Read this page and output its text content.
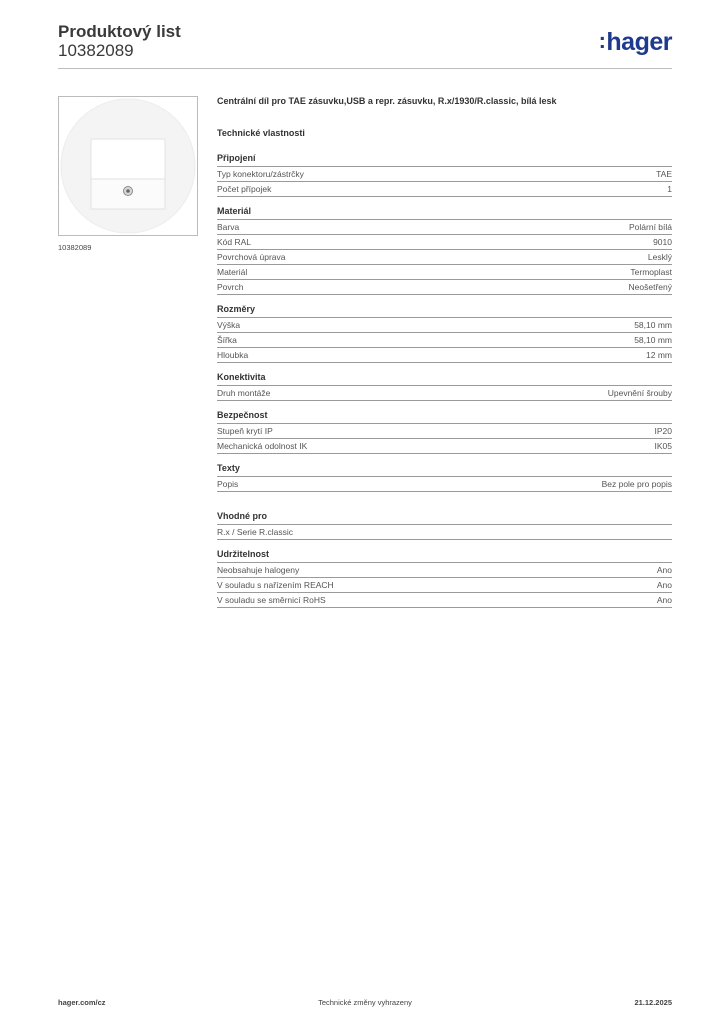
Produktový list
10382089	:hager
10382089
Centrální díl pro TAE zásuvku,USB a repr. zásuvku, R.x/1930/R.classic, bílá lesk
Technické vlastnosti
Připojení
Typ konektoru/zástrčky	TAE
Počet přípojek	1
Materiál
Barva	Polární bílá
Kód RAL	9010
Povrchová úprava	Lesklý
Materiál	Termoplast
Povrch	Neošetřený
Rozměry
Výška	58,10 mm
Šířka	58,10 mm
Hloubka	12 mm
Konektivita
Druh montáže	Upevnění šrouby
Bezpečnost
Stupeň krytí IP	IP20
Mechanická odolnost IK	IK05
Texty
Popis	Bez pole pro popis
Vhodné pro
R.x / Serie R.classic
Udržitelnost
Neobsahuje halogeny	Ano
V souladu s nařízením REACH	Ano
V souladu se směrnicí RoHS	Ano
hager.com/cz	Technické změny vyhrazeny	21.12.2025
